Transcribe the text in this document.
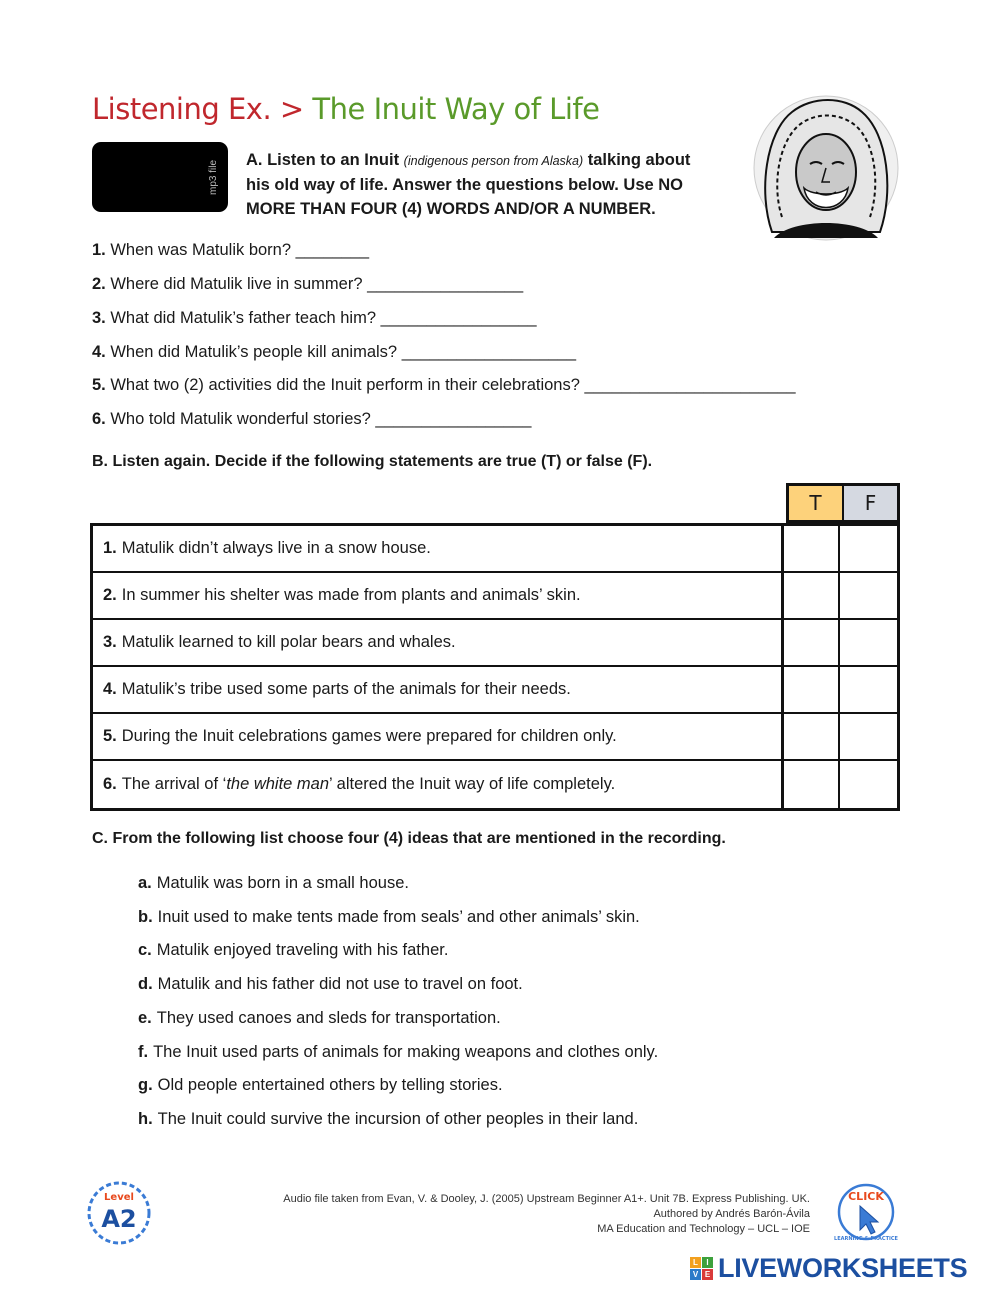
Listening Ex. > The Inuit Way of Life
mp3 file A. Listen to an Inuit (indigenous person from Alaska) talking about
his old way of life. Answer the questions below. Use NO
MORE THAN FOUR (4) WORDS AND/OR A NUMBER.
1. When was Matulik born? ________
2. Where did Matulik live in summer? _________________
3. What did Matulik’s father teach him? _________________
4. When did Matulik’s people kill animals? ___________________
5. What two (2) activities did the Inuit perform in their celebrations? _______________________
6. Who told Matulik wonderful stories? _________________
B. Listen again. Decide if the following statements are true (T) or false (F).
T	F
1. Matulik didn’t always live in a snow house.
2. In summer his shelter was made from plants and animals’ skin.
3. Matulik learned to kill polar bears and whales.
4. Matulik’s tribe used some parts of the animals for their needs.
5. During the Inuit celebrations games were prepared for children only.
6. The arrival of ‘ the white man ’ altered the Inuit way of life completely.
C. From the following list choose four (4) ideas that are mentioned in the recording.
a. Matulik was born in a small house.
b. Inuit used to make tents made from seals’ and other animals’ skin.
c. Matulik enjoyed traveling with his father.
d. Matulik and his father did not use to travel on foot.
e. They used canoes and sleds for transportation.
f. The Inuit used parts of animals for making weapons and clothes only.
g. Old people entertained others by telling stories.
h. The Inuit could survive the incursion of other peoples in their land.
Level
A2
Audio file taken from Evan, V. & Dooley, J. (2005) Upstream Beginner A1+. Unit 7B. Express Publishing. UK.
Authored by Andrés Barón-Ávila
MA Education and Technology – UCL – IOE
CLICK
LEARNING & PRACTICE
L	I
V E LIVEWORKSHEETS
